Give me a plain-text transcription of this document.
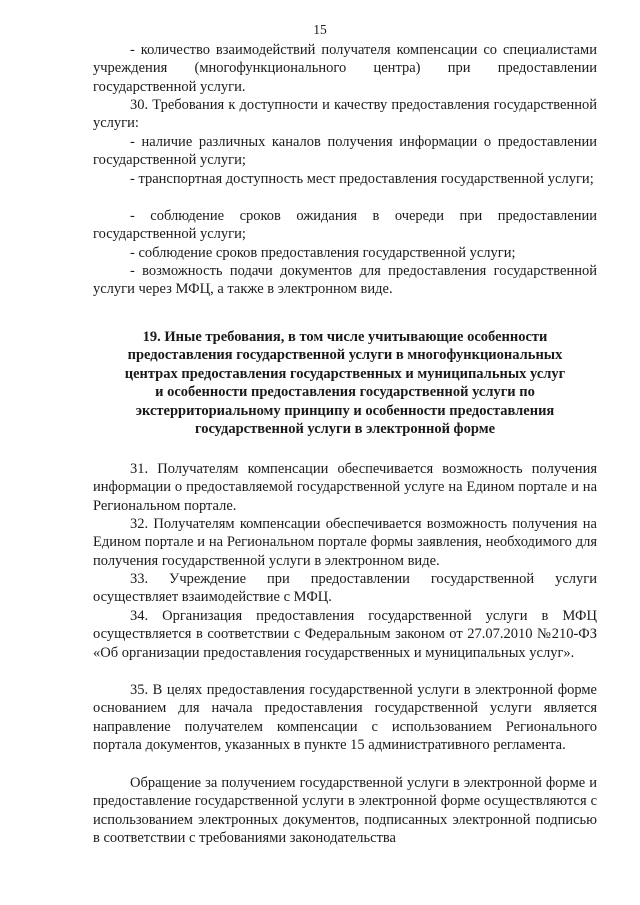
15

- количество взаимодействий получателя компенсации со специалистами учреждения (многофункционального центра) при предоставлении государственной услуги.

30. Требования к доступности и качеству предоставления государственной услуги:

- наличие различных каналов получения информации о предоставлении государственной услуги;

- транспортная доступность мест предоставления государственной услуги;

- соблюдение сроков ожидания в очереди при предоставлении государственной услуги;

- соблюдение сроков предоставления государственной услуги;

- возможность подачи документов для предоставления государственной услуги через МФЦ, а также в электронном виде.

19. Иные требования, в том числе учитывающие особенности
предоставления государственной услуги в многофункциональных
центрах предоставления государственных и муниципальных услуг
и особенности предоставления государственной услуги по
экстерриториальному принципу и особенности предоставления
государственной услуги в электронной форме

31. Получателям компенсации обеспечивается возможность получения информации о предоставляемой государственной услуге на Едином портале и на Региональном портале.

32. Получателям компенсации обеспечивается возможность получения на Едином портале и на Региональном портале формы заявления, необходимого для получения государственной услуги в электронном виде.

33. Учреждение при предоставлении государственной услуги осуществляет взаимодействие с МФЦ.

34. Организация предоставления государственной услуги в МФЦ осуществляется в соответствии с Федеральным законом от 27.07.2010 №210-ФЗ «Об организации предоставления государственных и муниципальных услуг».

35. В целях предоставления государственной услуги в электронной форме основанием для начала предоставления государственной услуги является направление получателем компенсации с использованием Регионального портала документов, указанных в пункте 15 административного регламента.

Обращение за получением государственной услуги в электронной форме и предоставление государственной услуги в электронной форме осуществляются с использованием электронных документов, подписанных электронной подписью в соответствии с требованиями законодательства
